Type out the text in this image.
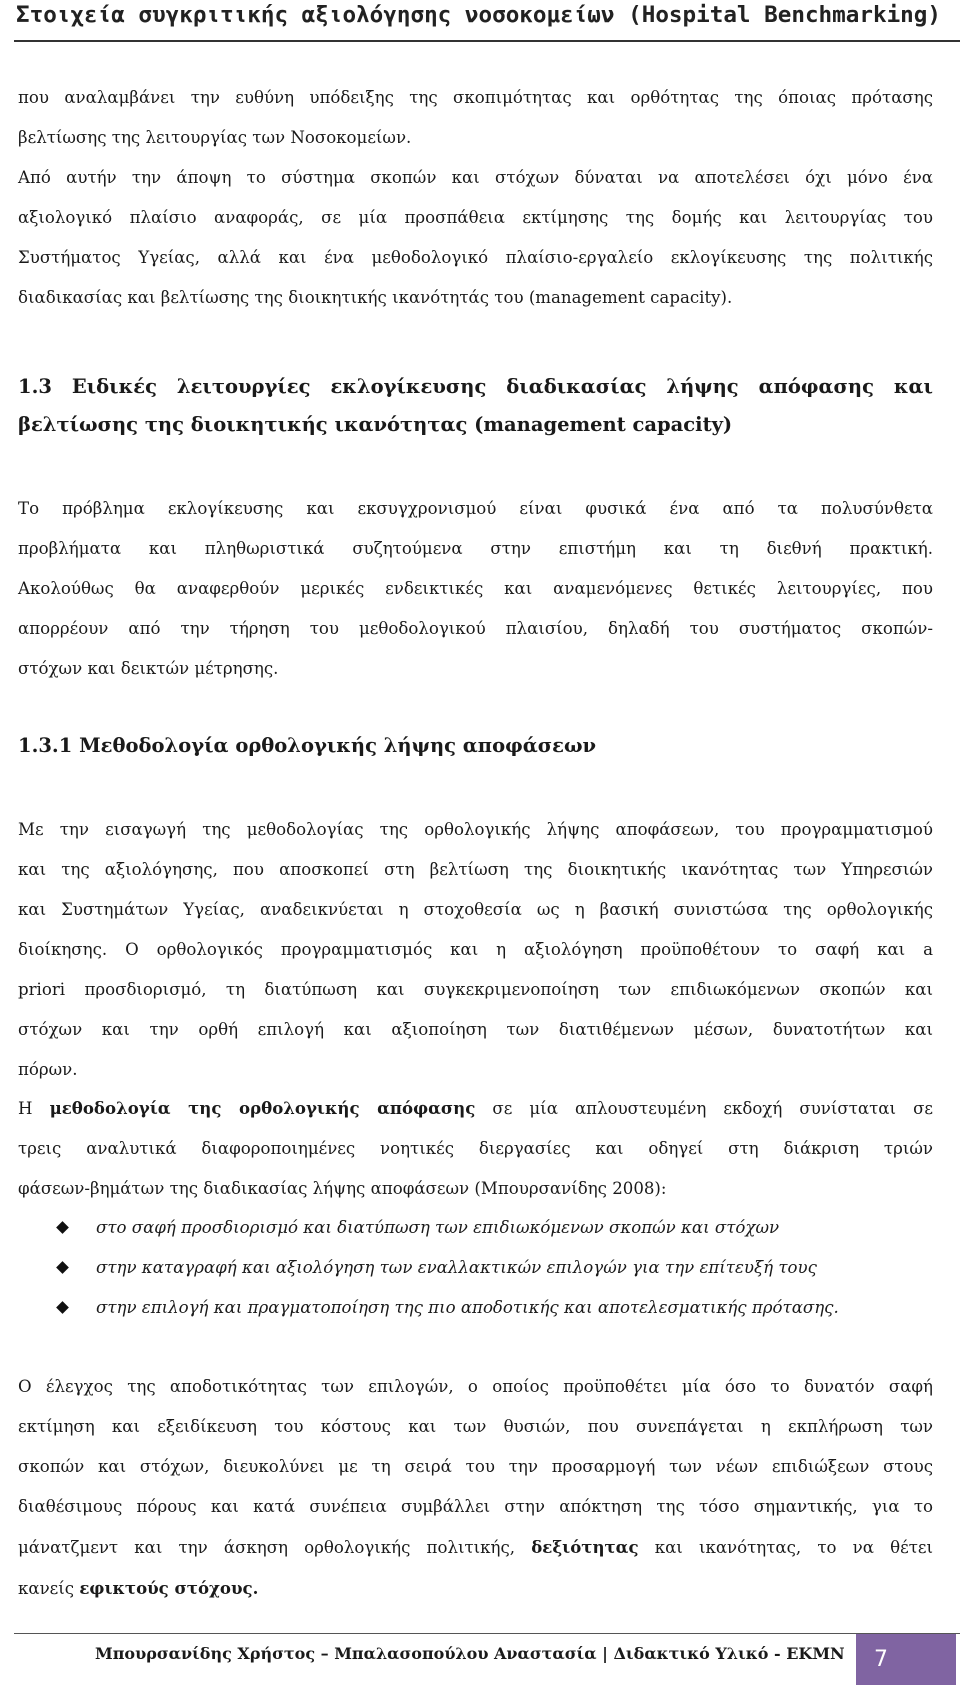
Στοιχεία συγκριτικής αξιολόγησης νοσοκομείων (Hospital Benchmarking)
που αναλαμβάνει την ευθύνη υπόδειξης της σκοπιμότητας και ορθότητας της όποιας πρότασης
βελτίωσης της λειτουργίας των Νοσοκομείων.
Από αυτήν την άποψη το σύστημα σκοπών και στόχων δύναται να αποτελέσει όχι μόνο ένα
αξιολογικό πλαίσιο αναφοράς, σε μία προσπάθεια εκτίμησης της δομής και λειτουργίας του
Συστήματος Υγείας, αλλά και ένα μεθοδολογικό πλαίσιο-εργαλείο εκλογίκευσης της πολιτικής
διαδικασίας και βελτίωσης της διοικητικής ικανότητάς του (management capacity).
1.3 Ειδικές λειτουργίες εκλογίκευσης διαδικασίας λήψης απόφασης και
βελτίωσης της διοικητικής ικανότητας (management capacity)
Το πρόβλημα εκλογίκευσης και εκσυγχρονισμού είναι φυσικά ένα από τα πολυσύνθετα
προβλήματα και πληθωριστικά συζητούμενα στην επιστήμη και τη διεθνή πρακτική.
Ακολούθως θα αναφερθούν μερικές ενδεικτικές και αναμενόμενες θετικές λειτουργίες, που
απορρέουν από την τήρηση του μεθοδολογικού πλαισίου, δηλαδή του συστήματος σκοπών-
στόχων και δεικτών μέτρησης.
1.3.1 Μεθοδολογία ορθολογικής λήψης αποφάσεων
Με την εισαγωγή της μεθοδολογίας της ορθολογικής λήψης αποφάσεων, του προγραμματισμού
και της αξιολόγησης, που αποσκοπεί στη βελτίωση της διοικητικής ικανότητας των Υπηρεσιών
και Συστημάτων Υγείας, αναδεικνύεται η στοχοθεσία ως η βασική συνιστώσα της ορθολογικής
διοίκησης. Ο ορθολογικός προγραμματισμός και η αξιολόγηση προϋποθέτουν το σαφή και a
priori προσδιορισμό, τη διατύπωση και συγκεκριμενοποίηση των επιδιωκόμενων σκοπών και
στόχων και την ορθή επιλογή και αξιοποίηση των διατιθέμενων μέσων, δυνατοτήτων και
πόρων.
Η μεθοδολογία της ορθολογικής απόφασης σε μία απλουστευμένη εκδοχή συνίσταται σε
τρεις αναλυτικά διαφοροποιημένες νοητικές διεργασίες και οδηγεί στη διάκριση τριών
φάσεων-βημάτων της διαδικασίας λήψης αποφάσεων (Μπουρσανίδης 2008):
στο σαφή προσδιορισμό και διατύπωση των επιδιωκόμενων σκοπών και στόχων
στην καταγραφή και αξιολόγηση των εναλλακτικών επιλογών για την επίτευξή τους
στην επιλογή και πραγματοποίηση της πιο αποδοτικής και αποτελεσματικής πρότασης.
Ο έλεγχος της αποδοτικότητας των επιλογών, ο οποίος προϋποθέτει μία όσο το δυνατόν σαφή
εκτίμηση και εξειδίκευση του κόστους και των θυσιών, που συνεπάγεται η εκπλήρωση των
σκοπών και στόχων, διευκολύνει με τη σειρά του την προσαρμογή των νέων επιδιώξεων στους
διαθέσιμους πόρους και κατά συνέπεια συμβάλλει στην απόκτηση της τόσο σημαντικής, για το
μάνατζμεντ και την άσκηση ορθολογικής πολιτικής, δεξιότητας και ικανότητας, το να θέτει
κανείς εφικτούς στόχους.
Μπουρσανίδης Χρήστος – Μπαλασοπούλου Αναστασία | Διδακτικό Υλικό - ΕΚΜΝ 7
